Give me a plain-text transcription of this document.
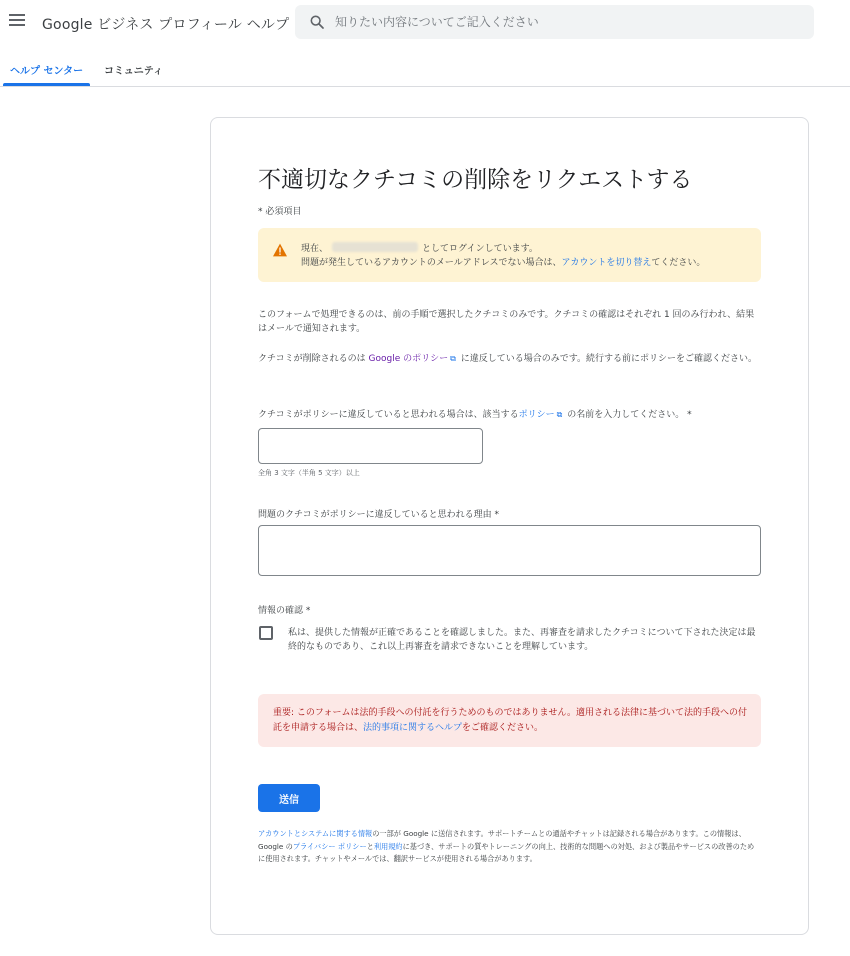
Google ビジネス プロフィール ヘルプ
知りたい内容についてご記入ください
ヘルプ センター コミュニティ
不適切なクチコミの削除をリクエストする
* 必須項目
現在、	としてログインしています。
問題が発生しているアカウントのメールアドレスでない場合は、アカウントを切り替えてください。
このフォームで処理できるのは、前の手順で選択したクチコミのみです。クチコミの確認はそれぞれ 1 回のみ行われ、結果はメールで通知されます。
クチコミが削除されるのは Google のポリシー ⧉ に違反している場合のみです。続行する前にポリシーをご確認ください。
クチコミがポリシーに違反していると思われる場合は、該当するポリシー ⧉ の名前を入力してください。 *
全角 3 文字（半角 5 文字）以上
問題のクチコミがポリシーに違反していると思われる理由 *
情報の確認 *
私は、提供した情報が正確であることを確認しました。また、再審査を請求したクチコミについて下された決定は最終的なものであり、これ以上再審査を請求できないことを理解しています。
重要: このフォームは法的手段への付託を行うためのものではありません。適用される法律に基づいて法的手段への付託を申請する場合は、法的事項に関するヘルプをご確認ください。
送信
アカウントとシステムに関する情報の一部が Google に送信されます。サポートチームとの通話やチャットは記録される場合があります。この情報は、Google のプライバシー ポリシーと利用規約に基づき、サポートの質やトレーニングの向上、技術的な問題への対処、および製品やサービスの改善のために使用されます。チャットやメールでは、翻訳サービスが使用される場合があります。
